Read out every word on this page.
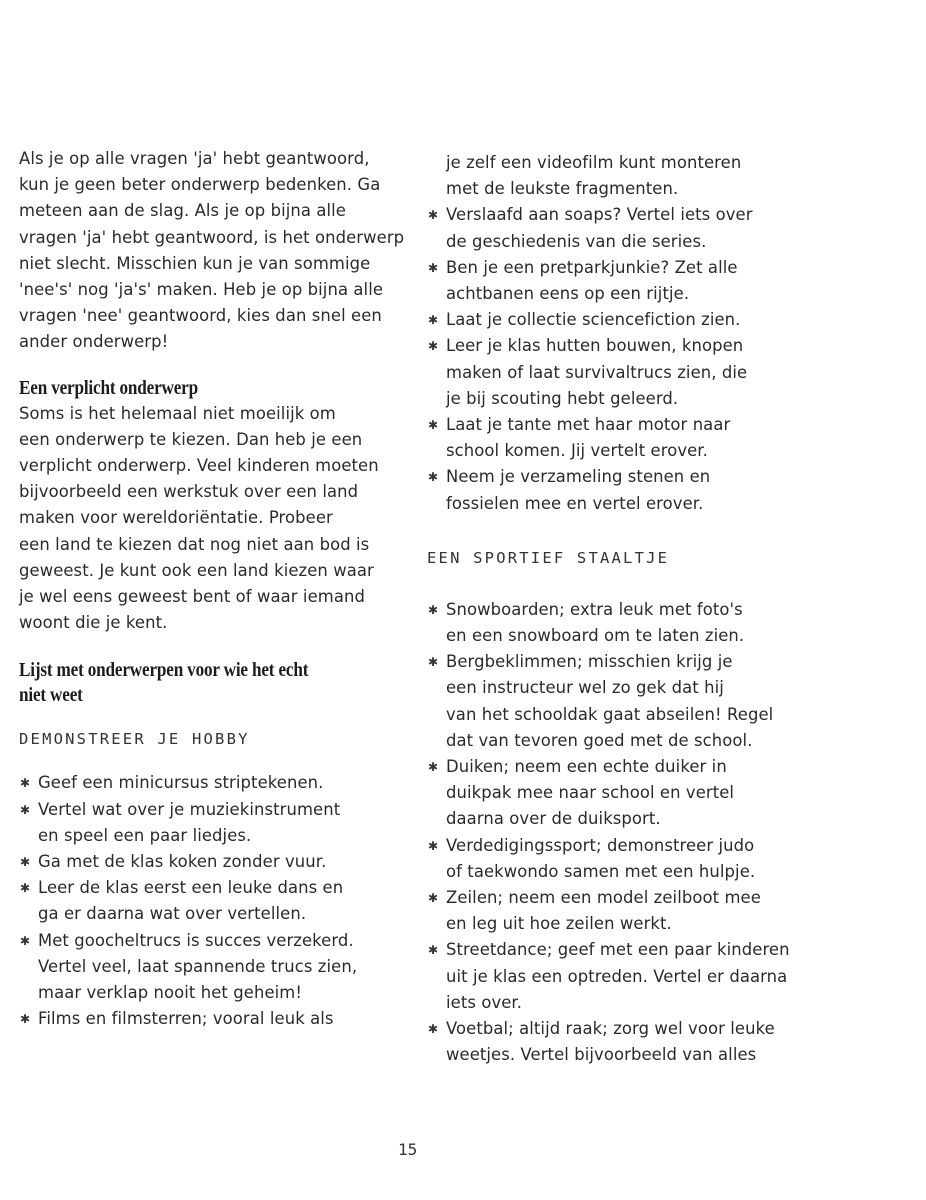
Als je op alle vragen 'ja' hebt geantwoord,
kun je geen beter onderwerp bedenken. Ga
meteen aan de slag. Als je op bijna alle
vragen 'ja' hebt geantwoord, is het onderwerp
niet slecht. Misschien kun je van sommige
'nee's' nog 'ja's' maken. Heb je op bijna alle
vragen 'nee' geantwoord, kies dan snel een
ander onderwerp!
Een verplicht onderwerp
Soms is het helemaal niet moeilijk om
een onderwerp te kiezen. Dan heb je een
verplicht onderwerp. Veel kinderen moeten
bijvoorbeeld een werkstuk over een land
maken voor wereldoriëntatie. Probeer
een land te kiezen dat nog niet aan bod is
geweest. Je kunt ook een land kiezen waar
je wel eens geweest bent of waar iemand
woont die je kent.
Lijst met onderwerpen voor wie het echt
niet weet
DEMONSTREER JE HOBBY
✱ Geef een minicursus striptekenen.
✱ Vertel wat over je muziekinstrument
en speel een paar liedjes.
✱ Ga met de klas koken zonder vuur.
✱ Leer de klas eerst een leuke dans en
ga er daarna wat over vertellen.
✱ Met goocheltrucs is succes verzekerd.
Vertel veel, laat spannende trucs zien,
maar verklap nooit het geheim!
✱ Films en filmsterren; vooral leuk als
je zelf een videofilm kunt monteren
met de leukste fragmenten.
✱ Verslaafd aan soaps? Vertel iets over
de geschiedenis van die series.
✱ Ben je een pretparkjunkie? Zet alle
achtbanen eens op een rijtje.
✱ Laat je collectie sciencefiction zien.
✱ Leer je klas hutten bouwen, knopen
maken of laat survivaltrucs zien, die
je bij scouting hebt geleerd.
✱ Laat je tante met haar motor naar
school komen. Jij vertelt erover.
✱ Neem je verzameling stenen en
fossielen mee en vertel erover.
EEN SPORTIEF STAALTJE
✱ Snowboarden; extra leuk met foto's
en een snowboard om te laten zien.
✱ Bergbeklimmen; misschien krijg je
een instructeur wel zo gek dat hij
van het schooldak gaat abseilen! Regel
dat van tevoren goed met de school.
✱ Duiken; neem een echte duiker in
duikpak mee naar school en vertel
daarna over de duiksport.
✱ Verdedigingssport; demonstreer judo
of taekwondo samen met een hulpje.
✱ Zeilen; neem een model zeilboot mee
en leg uit hoe zeilen werkt.
✱ Streetdance; geef met een paar kinderen
uit je klas een optreden. Vertel er daarna
iets over.
✱ Voetbal; altijd raak; zorg wel voor leuke
weetjes. Vertel bijvoorbeeld van alles
15
